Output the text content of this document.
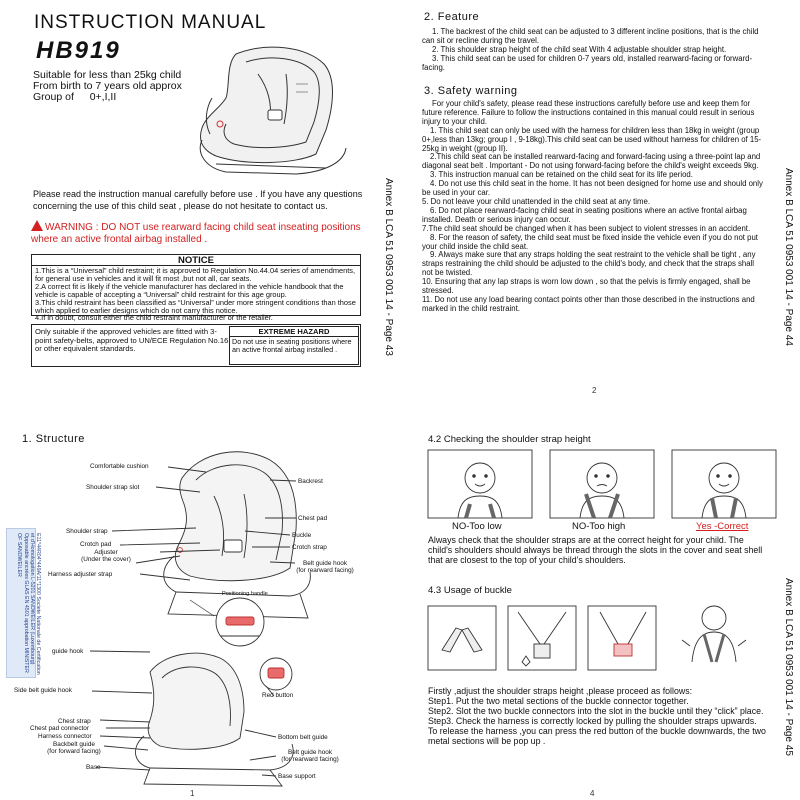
INSTRUCTION MANUAL
HB919
Suitable for less than 25kg child
From birth to 7 years old approx
Group of 0+,I,II
Please read the instruction manual carefully before use . If you have any questions concerning the use of this child seat , please do not hesitate to contact us.
WARNING : DO NOT use rearward facing child seat inseating positions where an active frontal airbag installed .
NOTICE
1.This is a “Universal” child restraint; it is approved to Regulation No.44.04 series of amendments, for general use in vehicles and it will fit most ,but not all, car seats.
2.A correct fit is likely if the vehicle manufacturer has declared in the vehicle handbook that the vehicle is capable of accepting a “Universal” child restraint for this age group.
3.This child restraint has been classified as “Universal” under more stringent conditions than those which applied to earlier designs which do not carry this notice.
4.If in doubt, consult either the child restraint manufacturer or the retailer.
Only suitable if the approved vehicles are fitted with 3-point safety-belts, approved to UN/ECE Regulation No.16 or other equivalent standards.
EXTREME HAZARD
Do not use in seating positions where an active frontal airbag installed .	Annex B LCA 51 0953 001 14 - Page 43
2. Feature
1. The backrest of the child seat can be adjusted to 3 different incline positions, that is the child can sit or recline during the travel.
2. This shoulder strap height of the child seat With 4 adjustable shoulder strap height.
3. This child seat can be used for children 0-7 years old, installed rearward-facing or forward-facing.
3. Safety warning
For your child's safety, please read these instructions carefully before use and keep them for future reference. Failure to follow the instructions contained in this manual could result in serious injury to your child.
1. This child seat can only be used with the harness for children less than 18kg in weight (group 0+,less than 13kg; group I , 9-18kg).This child seat can be used without harness for children of 15-25kg in weight (group II).
2.This child seat can be installed rearward-facing and forward-facing using a three-point lap and diagonal seat belt . Important - Do not using forward-facing before the child's weight exceeds 9kg.
3. This instruction manual can be retained on the child seat for its life period.
4. Do not use this child seat in the home. It has not been designed for home use and should only be used in your car.
5. Do not leave your child unattended in the child seat at any time.
6. Do not place rearward-facing child seat in seating positions where an active frontal airbag installed. Death or serious injury can occur.
7.The child seat should be changed when it has been subject to violent stresses in an accident.
8. For the reason of safety, the child seat must be fixed inside the vehicle even if you do not put your child inside the child seat.
9. Always make sure that any straps holding the seat restraint to the vehicle shall be tight , any straps restraining the child should be adjusted to the child's body, and check that the straps shall not be twisted.
10. Ensuring that any lap straps is worn low down , so that the pelvis is firmly engaged, shall be stressed.
11. Do not use any load bearing contact points other than those described in the instructions and marked in the child restraint.
2
Annex B LCA 51 0953 001 14 - Page 44
1. Structure
Comfortable cushion
Shoulder strap slot
Backrest
Chest pad
Shoulder strap
Buckle
Crotch pad	Crotch strap
Adjuster
(Under the cover)
Belt guide hook
(for rearward facing)
Harness adjuster strap
Positioning handle
guide hook
Red button
Side belt guide hook
Chest strap
Chest pad connector
Harness connector
Backbelt guide
(for forward facing)
Base
Bottom belt guide
Belt guide hook
(for rearward facing)
Base support
1
E11*44R04*449A/11*1300 Societe Nationale de Certification et d'Homologation L-5201 SANDWEILER (Luxembourg) Opposable ancrées GLAS EN 4501 approbation MINISTER OF SANDWEILER
4.2 Checking the shoulder strap height
NO-Too low	NO-Too high	Yes -Correct
Always check that the shoulder straps are at the correct height for your child. The child's shoulders should always be thread through the slots in the cover and seat shell that are closest to the top of your child's shoulders.
4.3 Usage of buckle
Firstly ,adjust the shoulder straps height ,please proceed as follows:
Step1. Put the two metal sections of the buckle connector together.
Step2. Slot the two buckle connectors into the slot in the buckle until they “click” place.
Step3. Check the harness is correctly locked by pulling the shoulder straps upwards.
To release the harness ,you can press the red button of the buckle downwards, the two metal sections will be pop up .
4
Annex B LCA 51 0953 001 14 - Page 45
